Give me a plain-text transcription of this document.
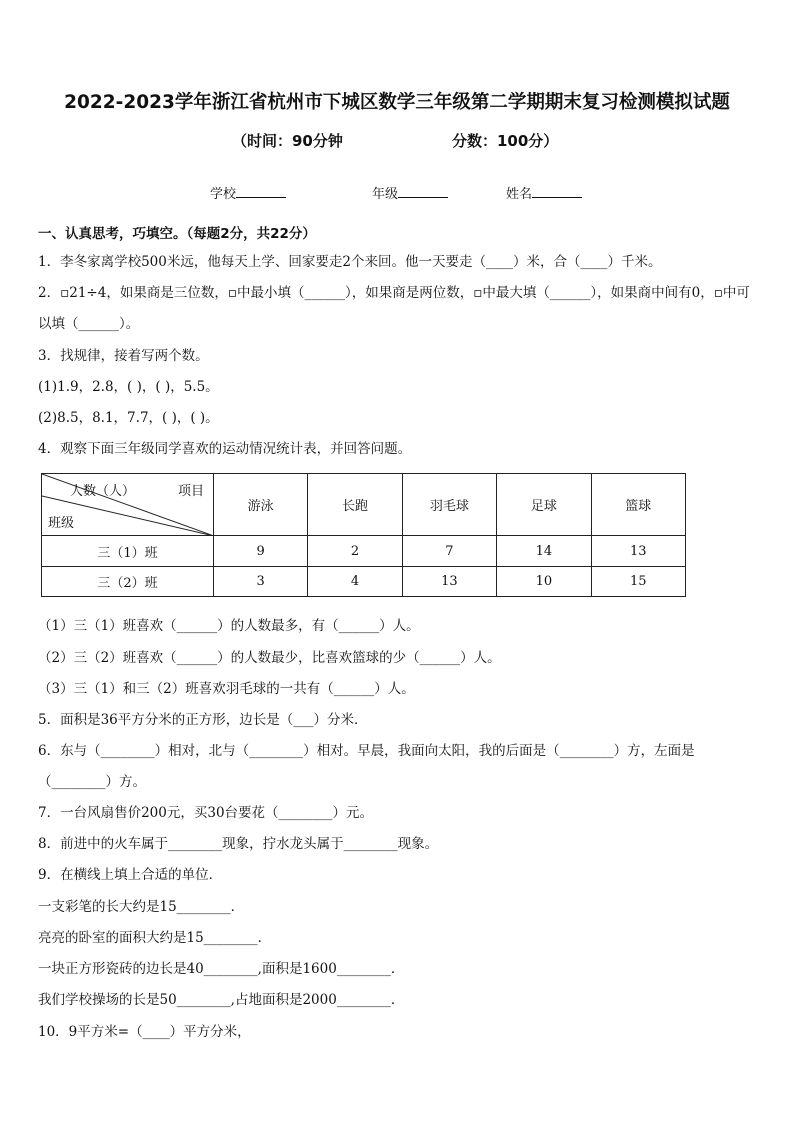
2022-2023学年浙江省杭州市下城区数学三年级第二学期期末复习检测模拟试题
（时间：90分钟	分数：100分）
学校	年级	姓名
一、认真思考，巧填空。（每题2分，共22分）
1．李冬家离学校500米远，他每天上学、回家要走2个来回。他一天要走（____）米，合（____）千米。
2．▫21÷4，如果商是三位数，▫中最小填（______），如果商是两位数，▫中最大填（______），如果商中间有0，▫中可
以填（______）。
3．找规律，接着写两个数。
(1)1.9，2.8，( )，( )，5.5。
(2)8.5，8.1，7.7，( )，( )。
4．观察下面三年级同学喜欢的运动情况统计表，并回答问题。
人数（人） 项目
班级	游泳	长跑	羽毛球	足球	篮球
三（1）班	9	2	7	14	13
三（2）班	3	4	13	10	15
（1）三（1）班喜欢（______）的人数最多，有（______）人。
（2）三（2）班喜欢（______）的人数最少，比喜欢篮球的少（______）人。
（3）三（1）和三（2）班喜欢羽毛球的一共有（______）人。
5．面积是36平方分米的正方形，边长是（___）分米．
6．东与（________）相对，北与（________）相对。早晨，我面向太阳，我的后面是（________）方，左面是
（________）方。
7．一台风扇售价200元，买30台要花（________）元。
8．前进中的火车属于________现象，拧水龙头属于________现象。
9．在横线上填上合适的单位．
一支彩笔的长大约是15________．
亮亮的卧室的面积大约是15________．
一块正方形瓷砖的边长是40________,面积是1600________．
我们学校操场的长是50________,占地面积是2000________．
10．9平方米=（____）平方分米，
